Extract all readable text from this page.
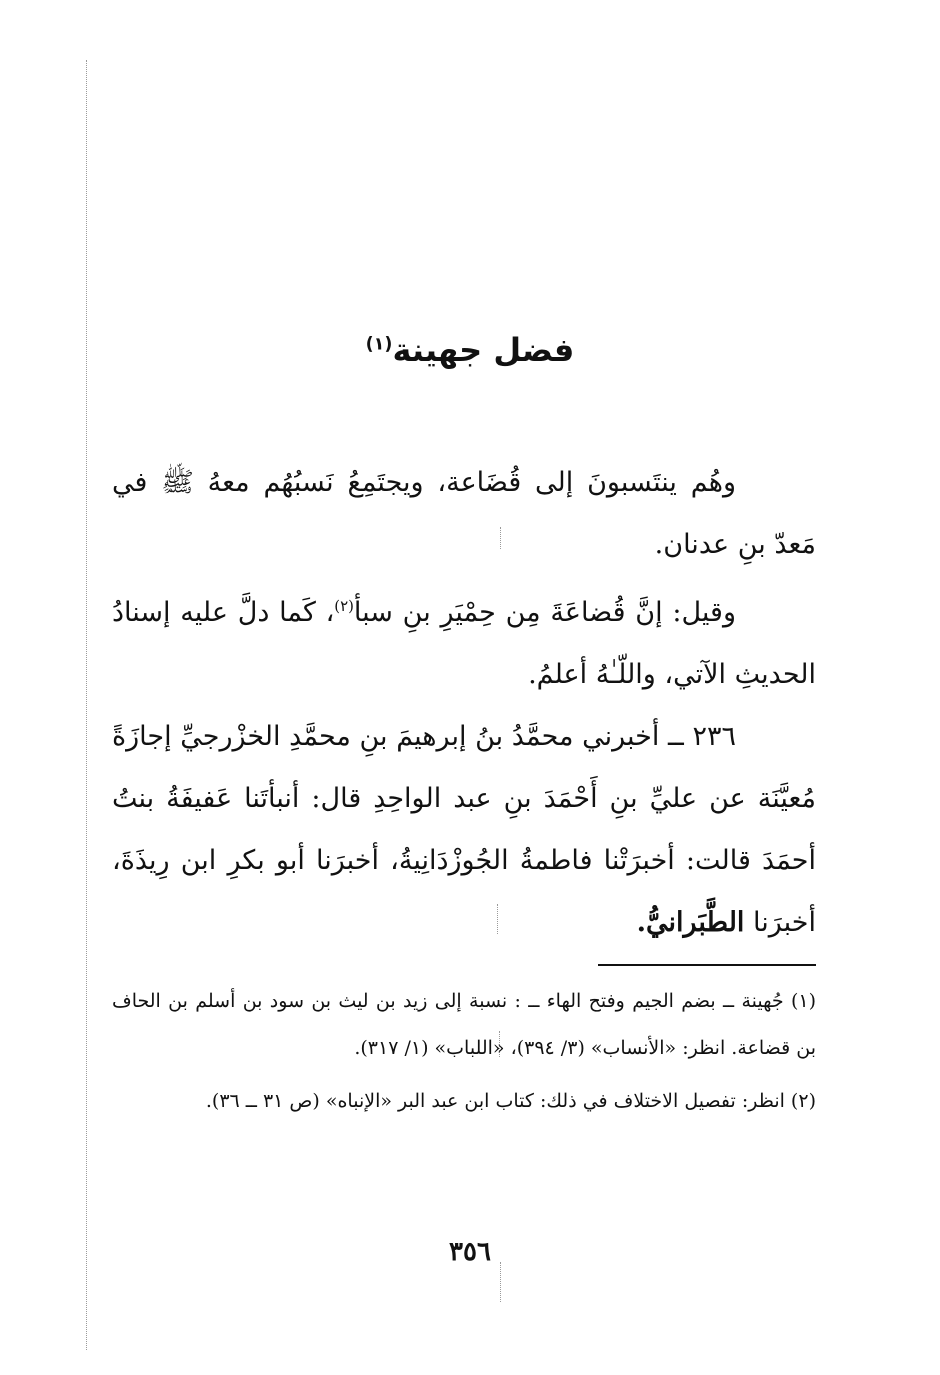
فضل جهينة$^{(١)}$
وهُم ينتَسبونَ إلى قُضَاعة، ويجتَمِعُ نَسبُهُم معهُ ﷺ في مَعدّ بنِ عدنان.
وقيل: إنَّ قُضاعَةَ مِن حِمْيَرِ بنِ سبأ$^{(٢)}$، كَما دلَّ عليه إسنادُ الحديثِ الآتي، واللّـٰهُ أعلمُ.
٢٣٦ ــ أخبرني محمَّدُ بنُ إبرهيمَ بنِ محمَّدِ الخزْرجيِّ إجازَةً مُعيَّنَة عن عليِّ بنِ أَحْمَدَ بنِ عبد الواحِدِ قال: أنبأتَنا عَفيفَةُ بنتُ أحمَدَ قالت: أخبرَتْنا فاطمةُ الجُوزْدَانِيةُ، أخبرَنا أبو بكرِ ابن رِيذَةَ، أخبرَنا الطَّبَرانيُّ.

(١) جُهينة ــ بضم الجيم وفتح الهاء ــ : نسبة إلى زيد بن ليث بن سود بن أسلم بن الحاف بن قضاعة. انظر: «الأنساب» (٣/ ٣٩٤)، «اللباب» (١/ ٣١٧).

(٢) انظر: تفصيل الاختلاف في ذلك: كتاب ابن عبد البر «الإنباه» (ص ٣١ ــ ٣٦).

٣٥٦
